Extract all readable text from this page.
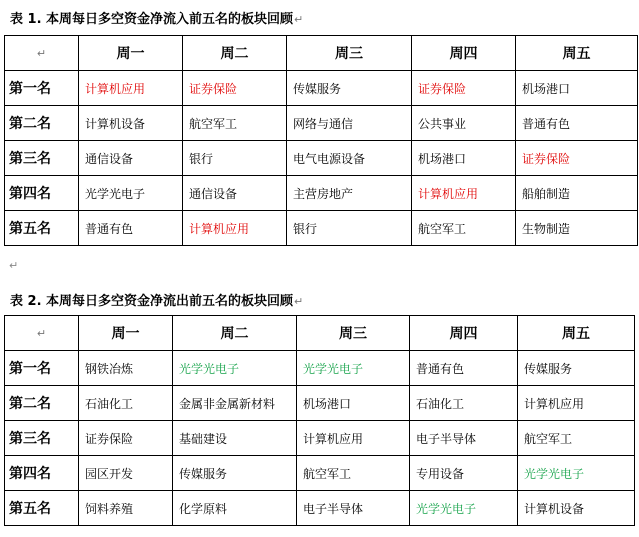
表 1. 本周每日多空资金净流入前五名的板块回顾↵
↵	周一	周二	周三	周四	周五
第一名	计算机应用	证券保险	传媒服务	证券保险	机场港口
第二名	计算机设备	航空军工	网络与通信	公共事业	普通有色
第三名	通信设备	银行	电气电源设备	机场港口	证券保险
第四名	光学光电子	通信设备	主营房地产	计算机应用	船舶制造
第五名	普通有色	计算机应用	银行	航空军工	生物制造
↵
表 2. 本周每日多空资金净流出前五名的板块回顾↵
↵	周一	周二	周三	周四	周五
第一名	钢铁冶炼	光学光电子	光学光电子	普通有色	传媒服务
第二名	石油化工	金属非金属新材料	机场港口	石油化工	计算机应用
第三名	证券保险	基础建设	计算机应用	电子半导体	航空军工
第四名	园区开发	传媒服务	航空军工	专用设备	光学光电子
第五名	饲料养殖	化学原料	电子半导体	光学光电子	计算机设备
